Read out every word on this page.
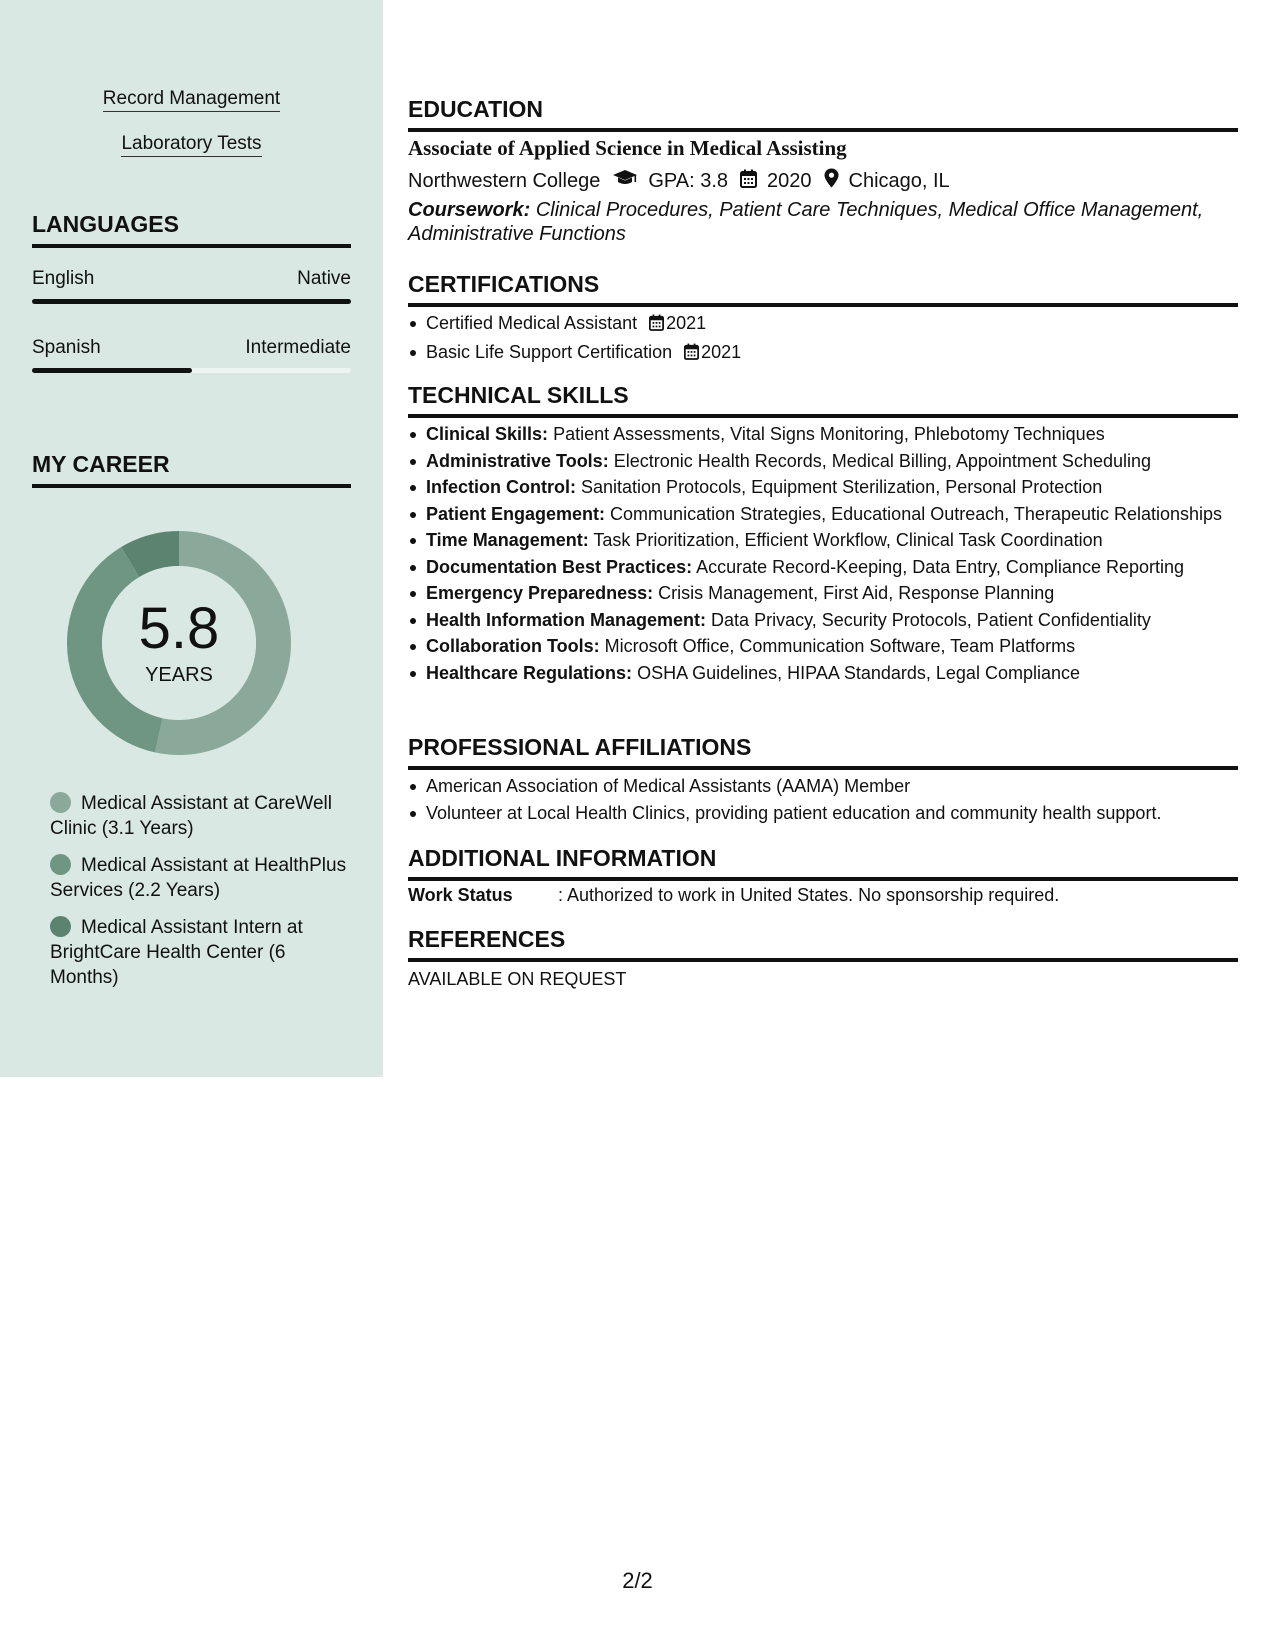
Record Management
Laboratory Tests
LANGUAGES
English	Native
Spanish	Intermediate
MY CAREER
5.8
YEARS
Medical Assistant at CareWell Clinic (3.1 Years)
Medical Assistant at HealthPlus Services (2.2 Years)
Medical Assistant Intern at BrightCare Health Center (6 Months)
EDUCATION
Associate of Applied Science in Medical Assisting
Northwestern College GPA: 3.8 2020 Chicago, IL
Coursework: Clinical Procedures, Patient Care Techniques, Medical Office Management, Administrative Functions
CERTIFICATIONS
Certified Medical Assistant 2021
Basic Life Support Certification 2021
TECHNICAL SKILLS
Clinical Skills: Patient Assessments, Vital Signs Monitoring, Phlebotomy Techniques
Administrative Tools: Electronic Health Records, Medical Billing, Appointment Scheduling
Infection Control: Sanitation Protocols, Equipment Sterilization, Personal Protection
Patient Engagement: Communication Strategies, Educational Outreach, Therapeutic Relationships
Time Management: Task Prioritization, Efficient Workflow, Clinical Task Coordination
Documentation Best Practices: Accurate Record-Keeping, Data Entry, Compliance Reporting
Emergency Preparedness: Crisis Management, First Aid, Response Planning
Health Information Management: Data Privacy, Security Protocols, Patient Confidentiality
Collaboration Tools: Microsoft Office, Communication Software, Team Platforms
Healthcare Regulations: OSHA Guidelines, HIPAA Standards, Legal Compliance
PROFESSIONAL AFFILIATIONS
American Association of Medical Assistants (AAMA) Member
Volunteer at Local Health Clinics, providing patient education and community health support.
ADDITIONAL INFORMATION
Work Status	: Authorized to work in United States. No sponsorship required.
REFERENCES
AVAILABLE ON REQUEST
2/2
